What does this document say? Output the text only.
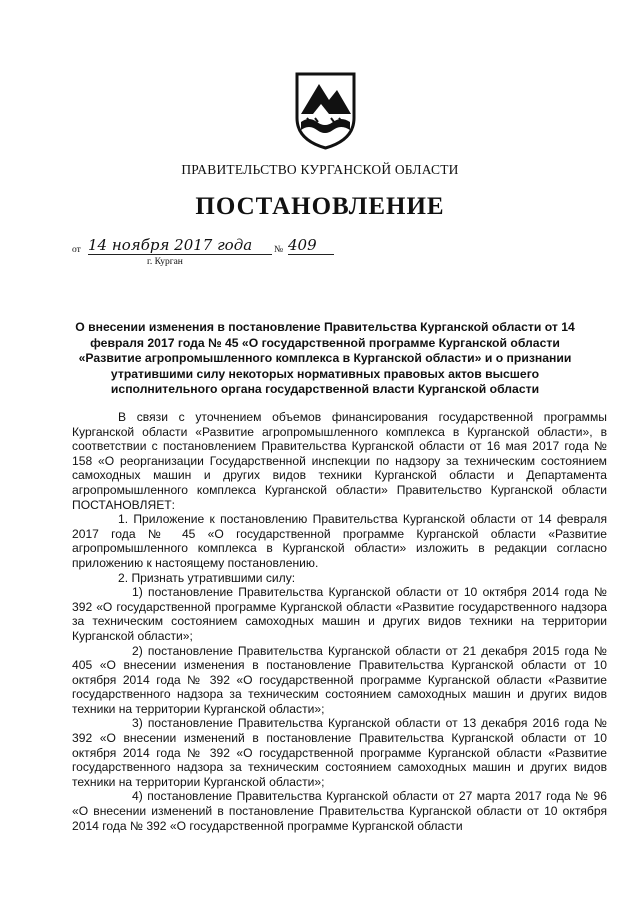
ПРАВИТЕЛЬСТВО КУРГАНСКОЙ ОБЛАСТИ
ПОСТАНОВЛЕНИЕ
от 14 ноября 2017 года	№ 409
г. Курган
О внесении изменения в постановление Правительства Курганской области от 14 февраля 2017 года № 45 «О государственной программе Курганской области «Развитие агропромышленного комплекса в Курганской области» и о признании утратившими силу некоторых нормативных правовых актов высшего исполнительного органа государственной власти Курганской области

В связи с уточнением объемов финансирования государственной программы Курганской области «Развитие агропромышленного комплекса в Курганской области», в соответствии с постановлением Правительства Курганской области от 16 мая 2017 года № 158 «О реорганизации Государственной инспекции по надзору за техническим состоянием самоходных машин и других видов техники Курганской области и Департамента агропромышленного комплекса Курганской области» Правительство Курганской области ПОСТАНОВЛЯЕТ:

1. Приложение к постановлению Правительства Курганской области от 14 февраля 2017 года № 45 «О государственной программе Курганской области «Развитие агропромышленного комплекса в Курганской области» изложить в редакции согласно приложению к настоящему постановлению.

2. Признать утратившими силу:

1) постановление Правительства Курганской области от 10 октября 2014 года № 392 «О государственной программе Курганской области «Развитие государственного надзора за техническим состоянием самоходных машин и других видов техники на территории Курганской области»;

2) постановление Правительства Курганской области от 21 декабря 2015 года № 405 «О внесении изменения в постановление Правительства Курганской области от 10 октября 2014 года № 392 «О государственной программе Курганской области «Развитие государственного надзора за техническим состоянием самоходных машин и других видов техники на территории Курганской области»;

3) постановление Правительства Курганской области от 13 декабря 2016 года № 392 «О внесении изменений в постановление Правительства Курганской области от 10 октября 2014 года № 392 «О государственной программе Курганской области «Развитие государственного надзора за техническим состоянием самоходных машин и других видов техники на территории Курганской области»;

4) постановление Правительства Курганской области от 27 марта 2017 года № 96 «О внесении изменений в постановление Правительства Курганской области от 10 октября 2014 года № 392 «О государственной программе Курганской области
